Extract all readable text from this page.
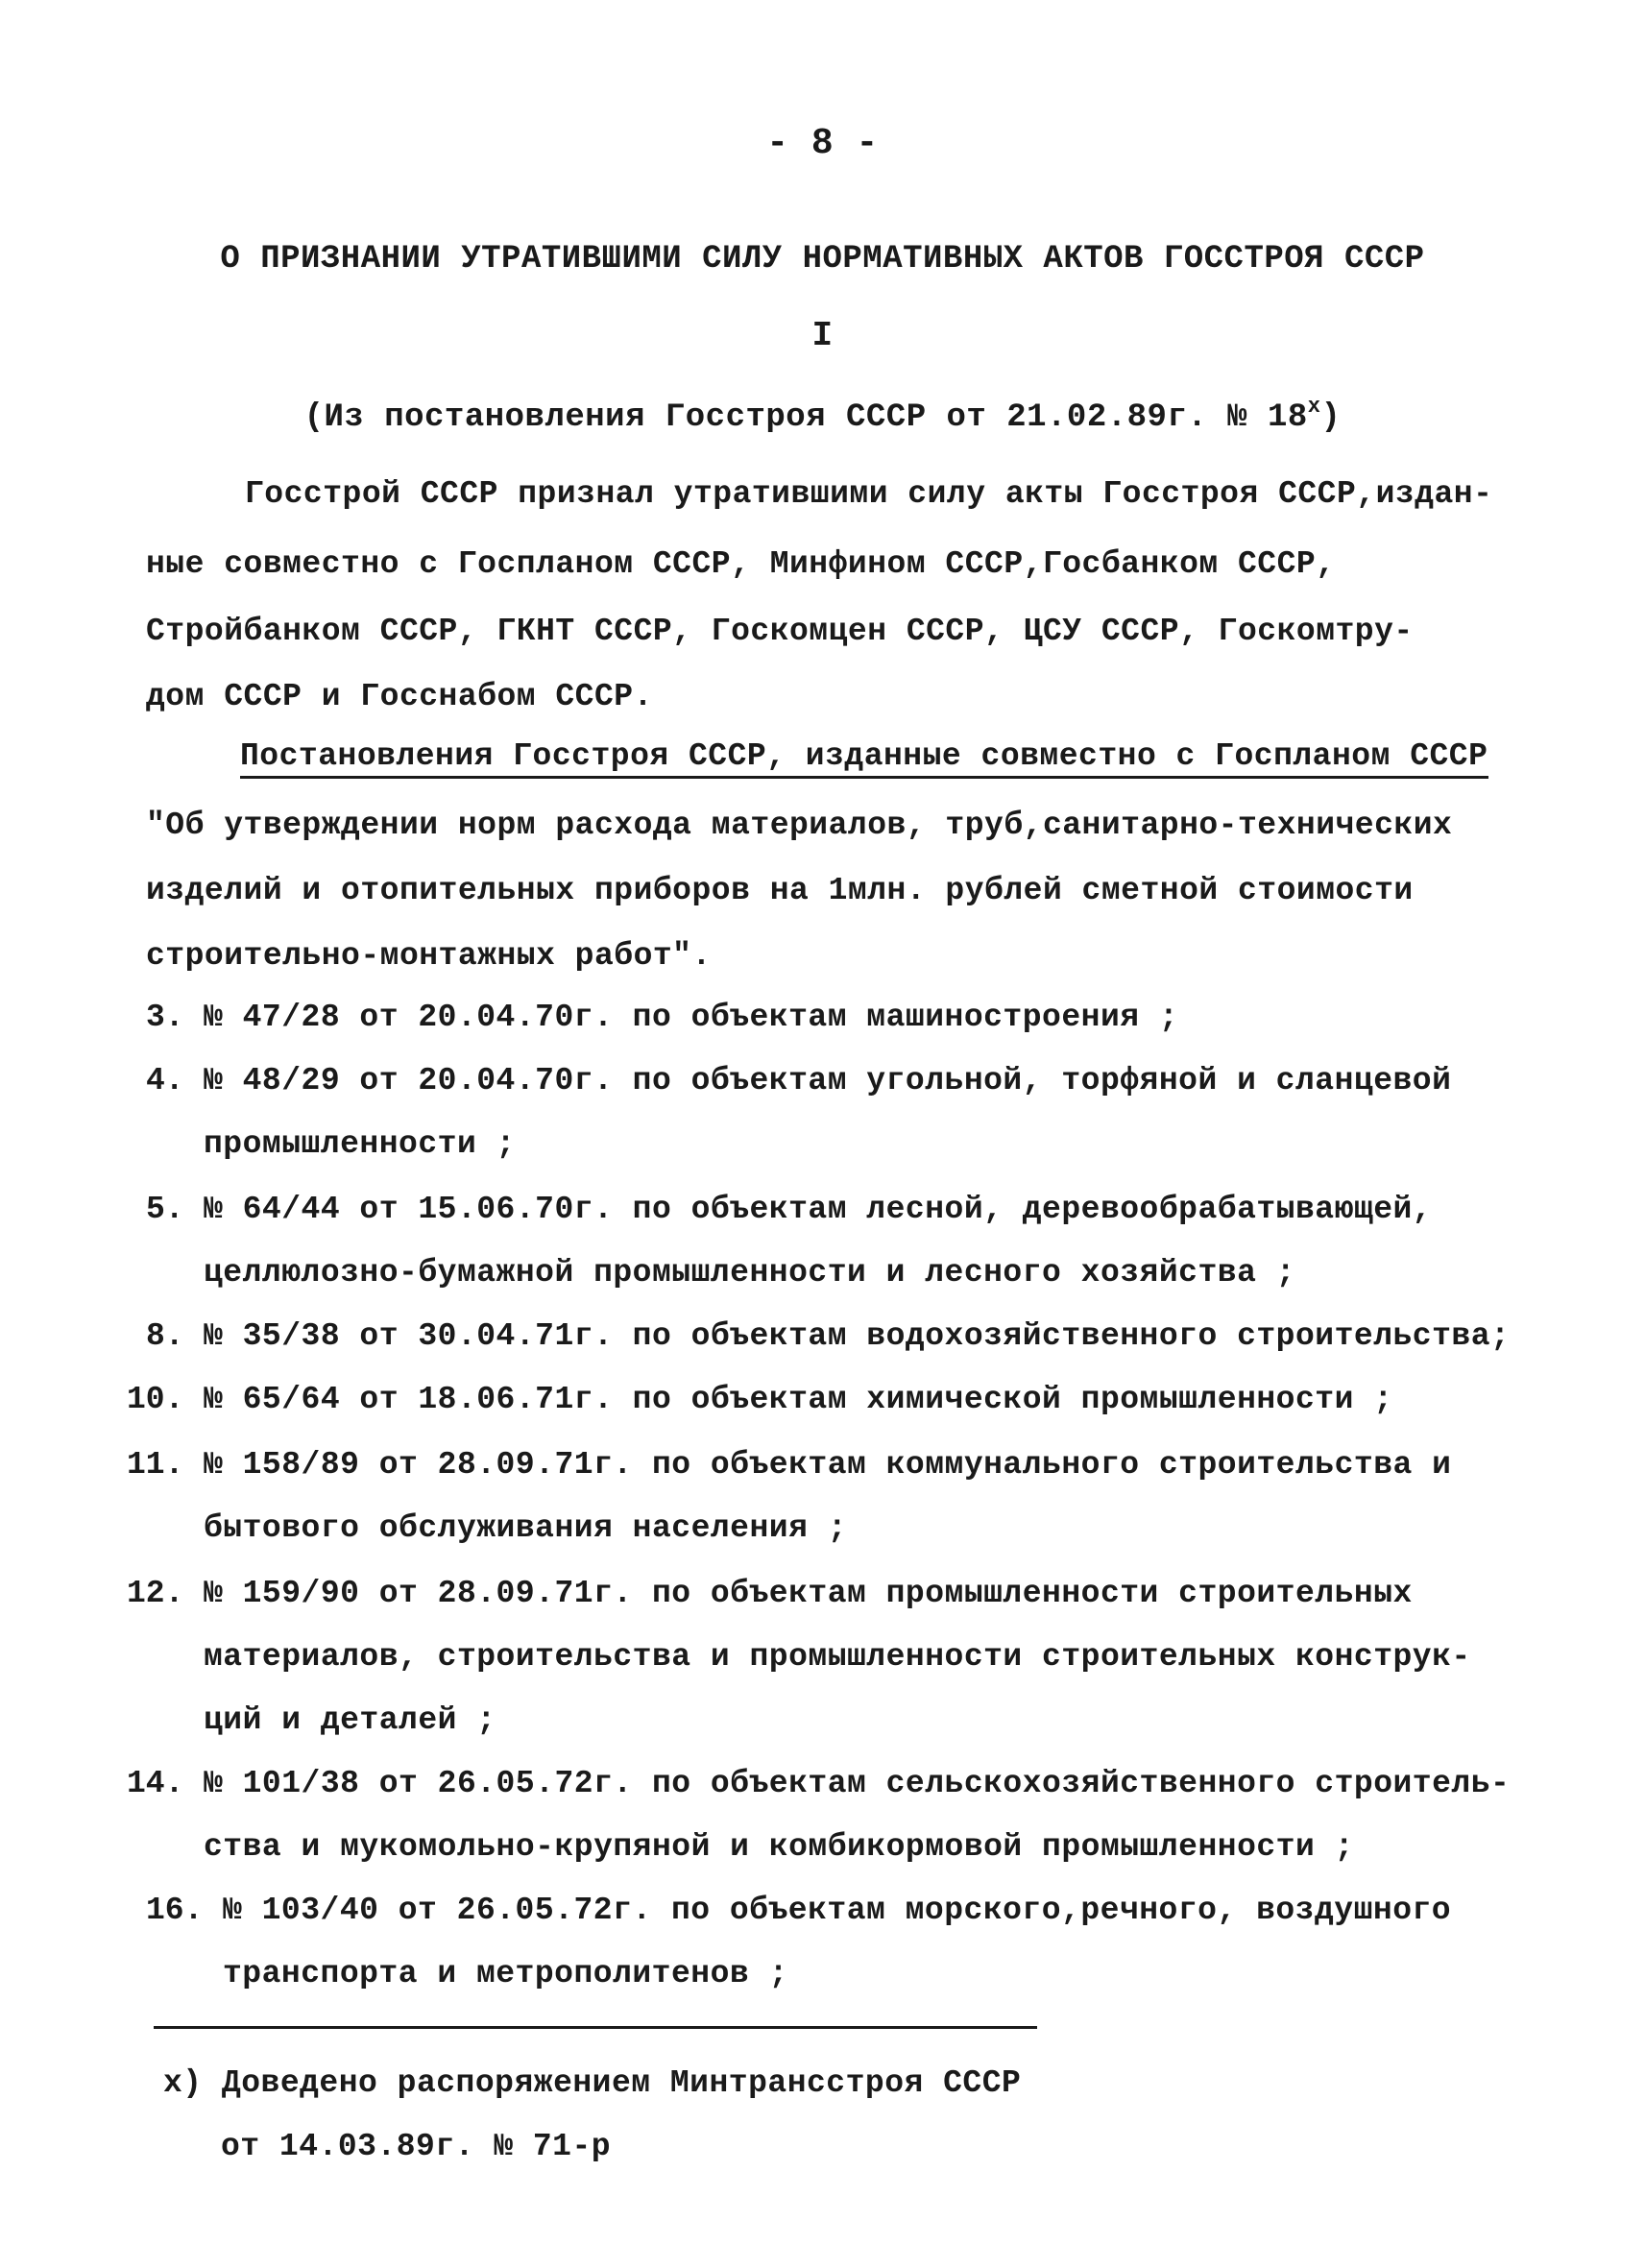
- 8 -
О ПРИЗНАНИИ УТРАТИВШИМИ СИЛУ НОРМАТИВНЫХ АКТОВ ГОССТРОЯ СССР
I
(Из постановления Госстроя СССР от 21.02.89г. № $18^х$)
Госстрой СССР признал утратившими силу акты Госстроя СССР,издан-
ные совместно с Госпланом СССР, Минфином СССР,Госбанком СССР,
Стройбанком СССР, ГКНТ СССР, Госкомцен СССР, ЦСУ СССР, Госкомтру-
дом СССР и Госснабом СССР.
Постановления Госстроя СССР, изданные совместно с Госпланом СССР
"Об утверждении норм расхода материалов, труб,санитарно-технических
изделий и отопительных приборов на 1млн. рублей сметной стоимости
строительно-монтажных работ".
3. № 47/28 от 20.04.70г. по объектам машиностроения ;
4. № 48/29 от 20.04.70г. по объектам угольной, торфяной и сланцевой
промышленности ;
5. № 64/44 от 15.06.70г. по объектам лесной, деревообрабатывающей,
целлюлозно-бумажной промышленности и лесного хозяйства ;
8. № 35/38 от 30.04.71г. по объектам водохозяйственного строительства;
10. № 65/64 от 18.06.71г. по объектам химической промышленности ;
11. № 158/89 от 28.09.71г. по объектам коммунального строительства и
бытового обслуживания населения ;
12. № 159/90 от 28.09.71г. по объектам промышленности строительных
материалов, строительства и промышленности строительных конструк-
ций и деталей ;
14. № 101/38 от 26.05.72г. по объектам сельскохозяйственного строитель-
ства и мукомольно-крупяной и комбикормовой промышленности ;
16. № 103/40 от 26.05.72г. по объектам морского,речного, воздушного
транспорта и метрополитенов ;
х) Доведено распоряжением Минтрансстроя СССР
от 14.03.89г. № 71-р
